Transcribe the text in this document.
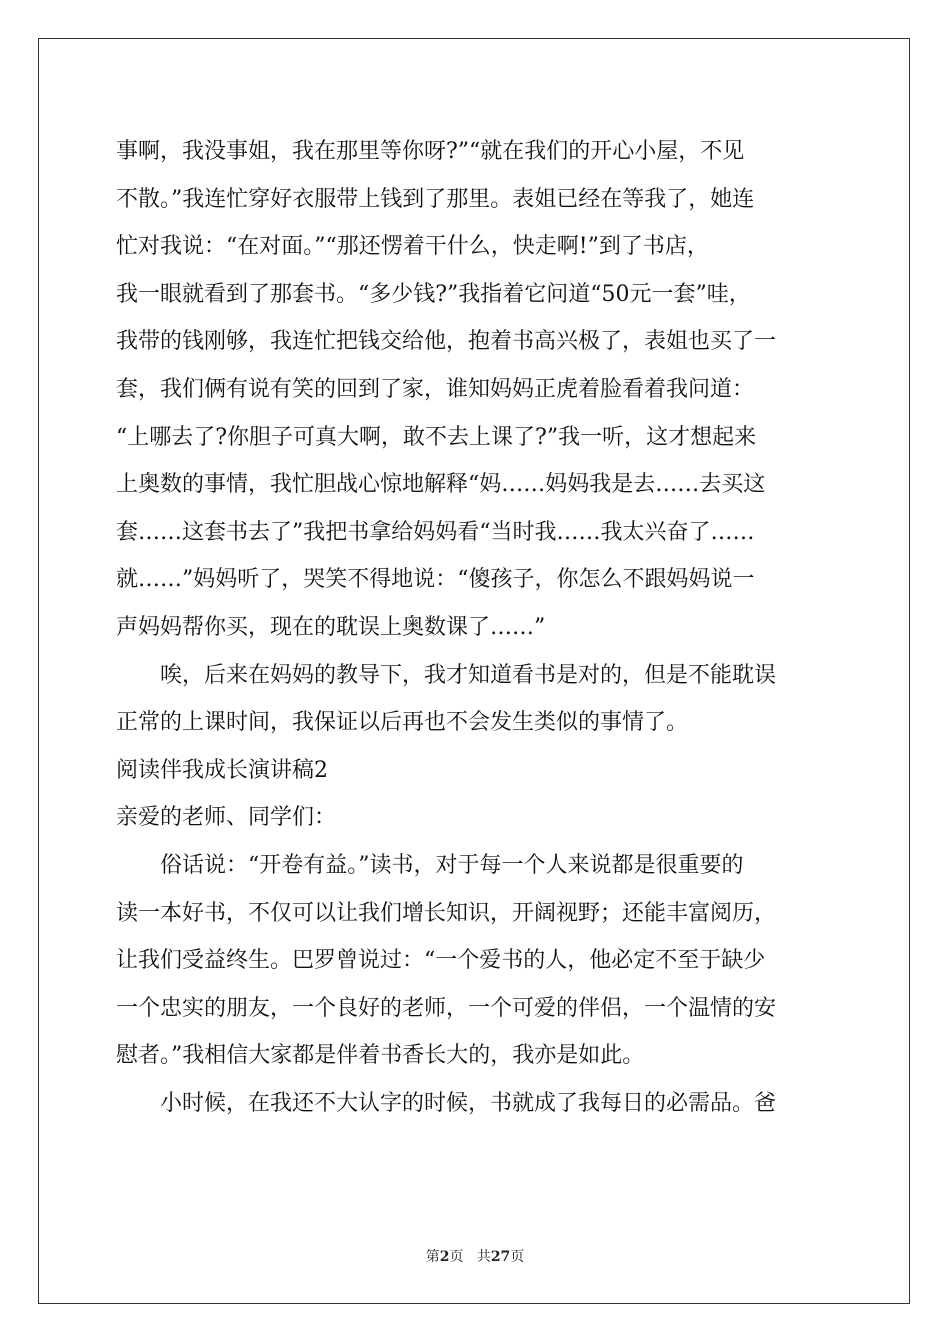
事啊，我没事姐，我在那里等你呀?”“就在我们的开心小屋，不见
不散。”我连忙穿好衣服带上钱到了那里。表姐已经在等我了，她连
忙对我说：“在对面。”“那还愣着干什么，快走啊!”到了书店，
我一眼就看到了那套书。“多少钱?”我指着它问道“50元一套”哇，
我带的钱刚够，我连忙把钱交给他，抱着书高兴极了，表姐也买了一
套，我们俩有说有笑的回到了家，谁知妈妈正虎着脸看着我问道：
“上哪去了?你胆子可真大啊，敢不去上课了?”我一听，这才想起来
上奥数的事情，我忙胆战心惊地解释“妈……妈妈我是去……去买这
套……这套书去了”我把书拿给妈妈看“当时我……我太兴奋了……
就……”妈妈听了，哭笑不得地说：“傻孩子，你怎么不跟妈妈说一
声妈妈帮你买，现在的耽误上奥数课了……”
唉，后来在妈妈的教导下，我才知道看书是对的，但是不能耽误
正常的上课时间，我保证以后再也不会发生类似的事情了。
阅读伴我成长演讲稿2
亲爱的老师、同学们：
俗话说：“开卷有益。”读书，对于每一个人来说都是很重要的
读一本好书，不仅可以让我们增长知识，开阔视野；还能丰富阅历，
让我们受益终生。巴罗曾说过：“一个爱书的人，他必定不至于缺少
一个忠实的朋友，一个良好的老师，一个可爱的伴侣，一个温情的安
慰者。”我相信大家都是伴着书香长大的，我亦是如此。
小时候，在我还不大认字的时候，书就成了我每日的必需品。爸
第2页 共27页
